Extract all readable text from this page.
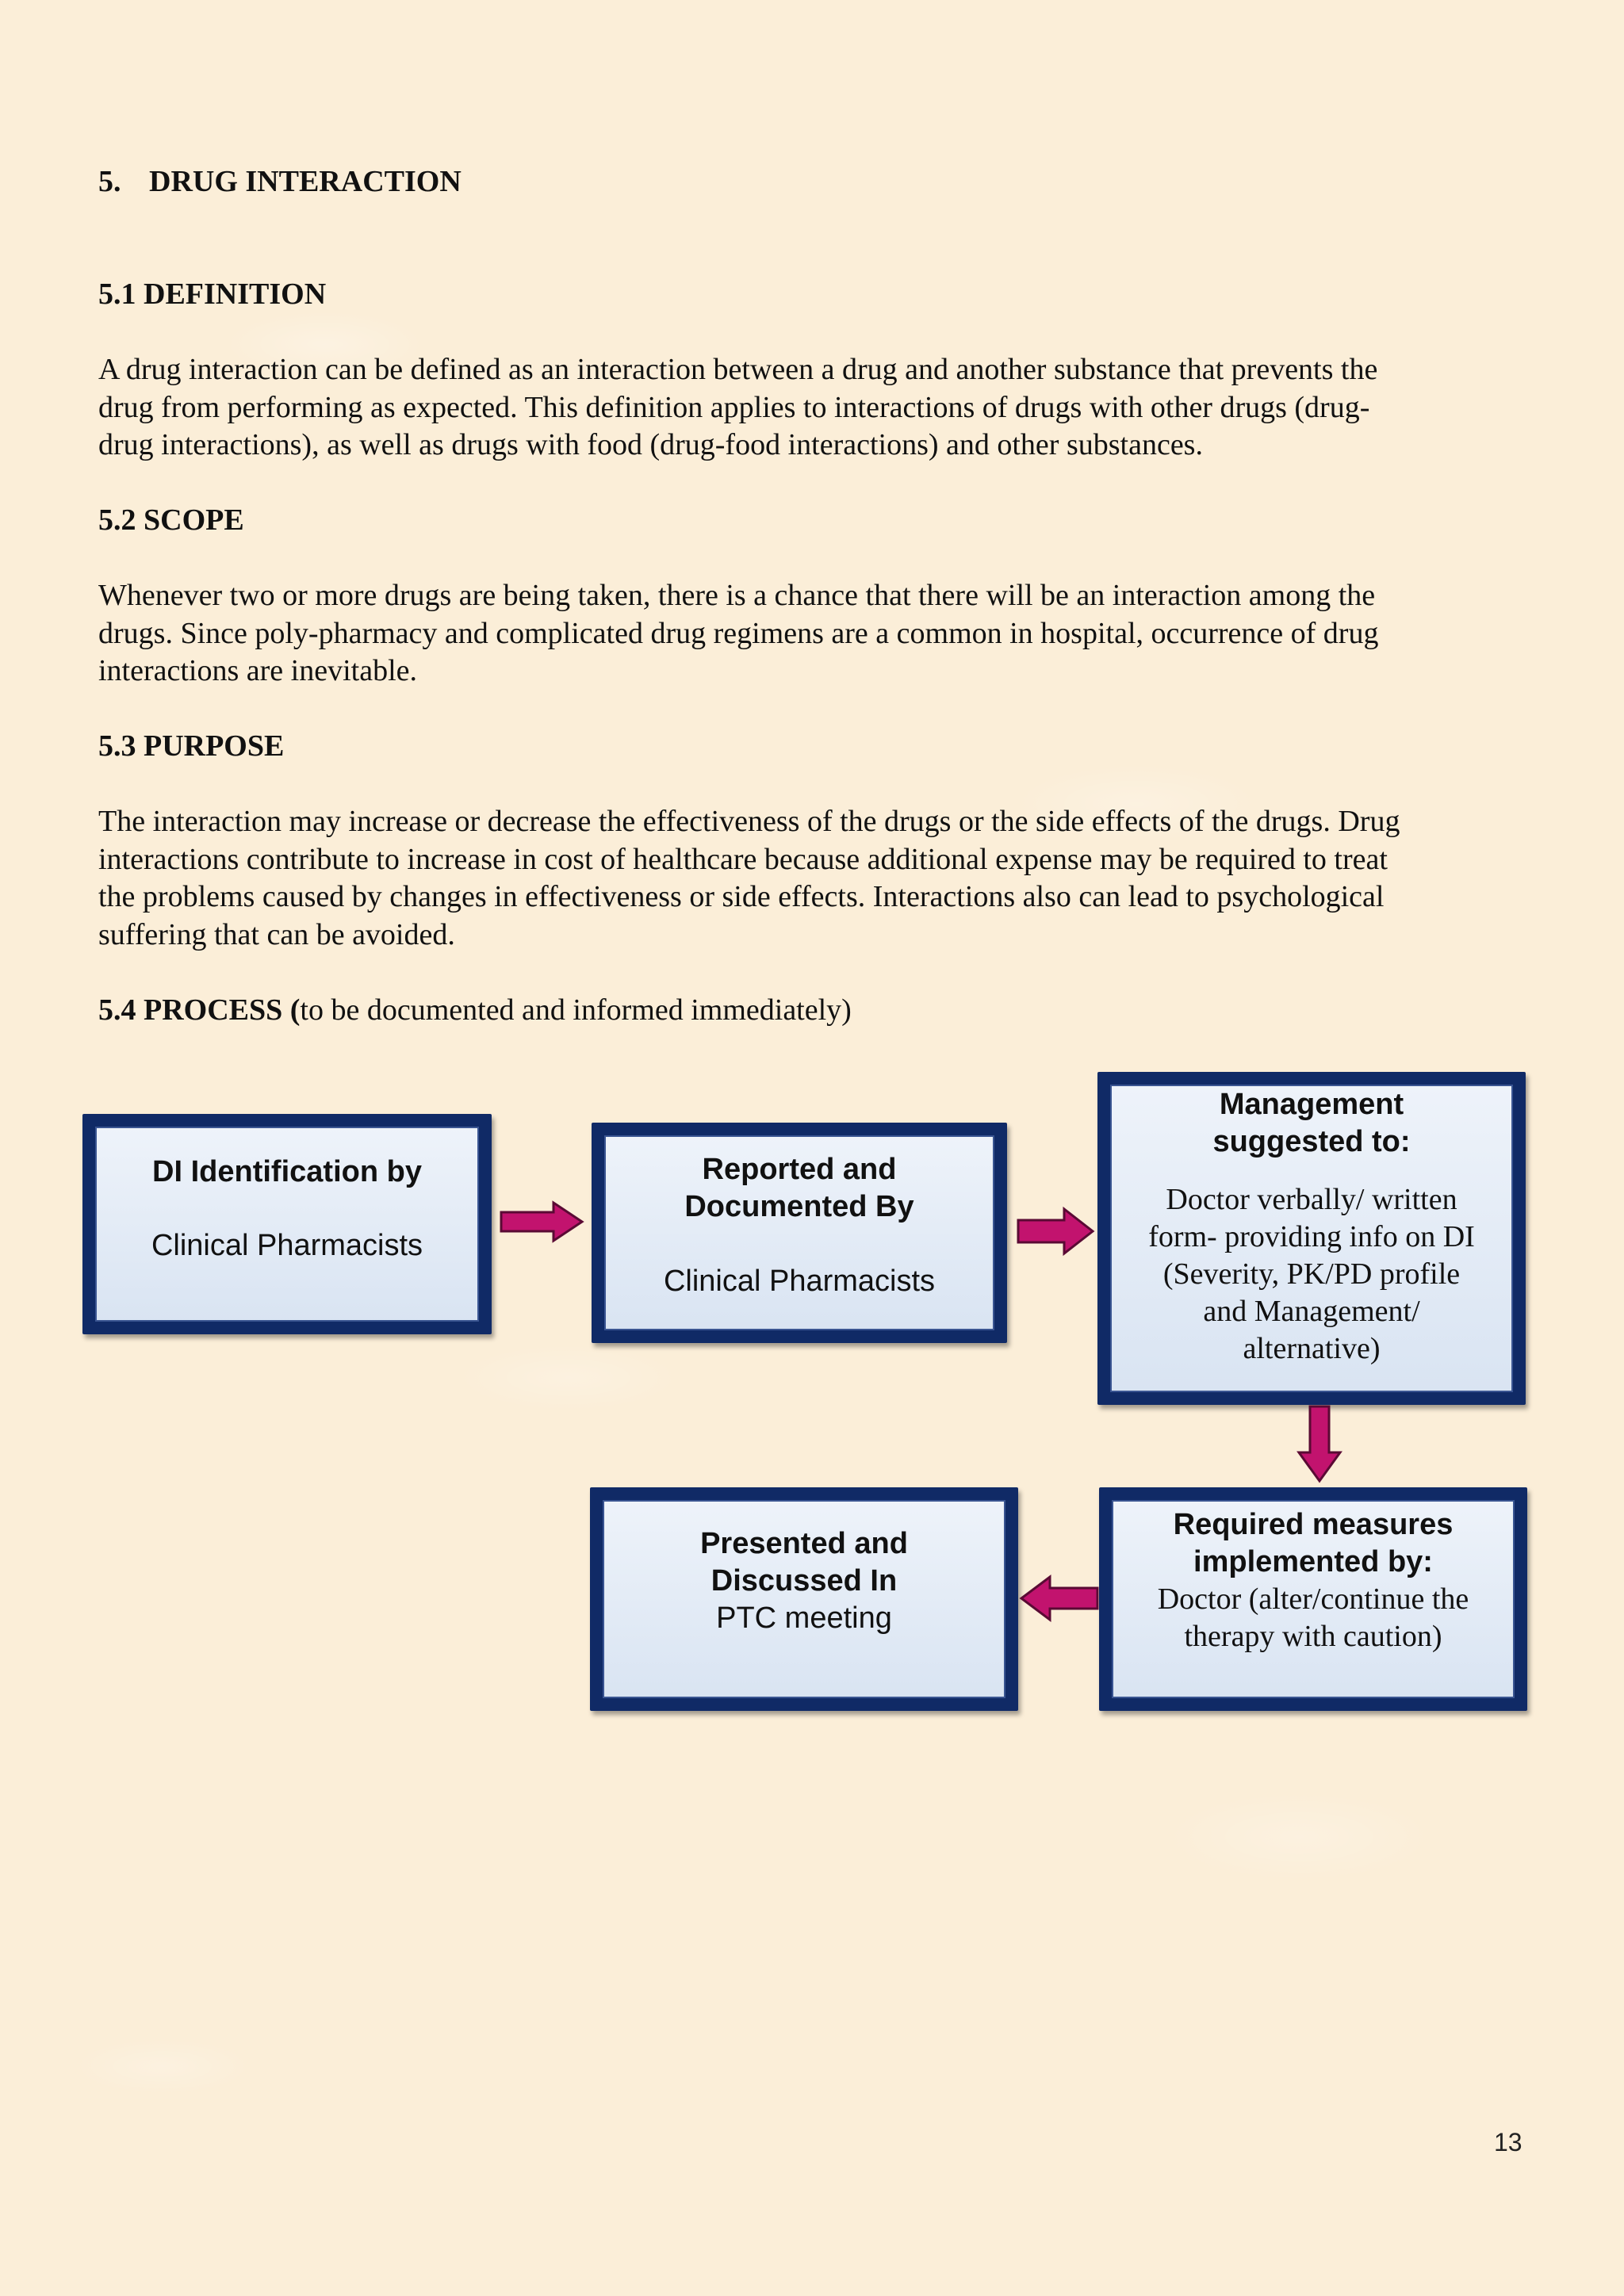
5. DRUG INTERACTION
5.1 DEFINITION
A drug interaction can be defined as an interaction between a drug and another substance that prevents the
drug from performing as expected. This definition applies to interactions of drugs with other drugs (drug-
drug interactions), as well as drugs with food (drug-food interactions) and other substances.
5.2 SCOPE
Whenever two or more drugs are being taken, there is a chance that there will be an interaction among the
drugs. Since poly-pharmacy and complicated drug regimens are a common in hospital, occurrence of drug
interactions are inevitable.
5.3 PURPOSE
The interaction may increase or decrease the effectiveness of the drugs or the side effects of the drugs. Drug
interactions contribute to increase in cost of healthcare because additional expense may be required to treat
the problems caused by changes in effectiveness or side effects. Interactions also can lead to psychological
suffering that can be avoided.
5.4 PROCESS (to be documented and informed immediately)
DI Identification by
Clinical Pharmacists
Reported and
Documented By
Clinical Pharmacists
Management
suggested to:
Doctor verbally/ written
form- providing info on DI
(Severity, PK/PD profile
and Management/
alternative)
Required measures
implemented by:
Doctor (alter/continue the
therapy with caution)
Presented and
Discussed In
PTC meeting
13
